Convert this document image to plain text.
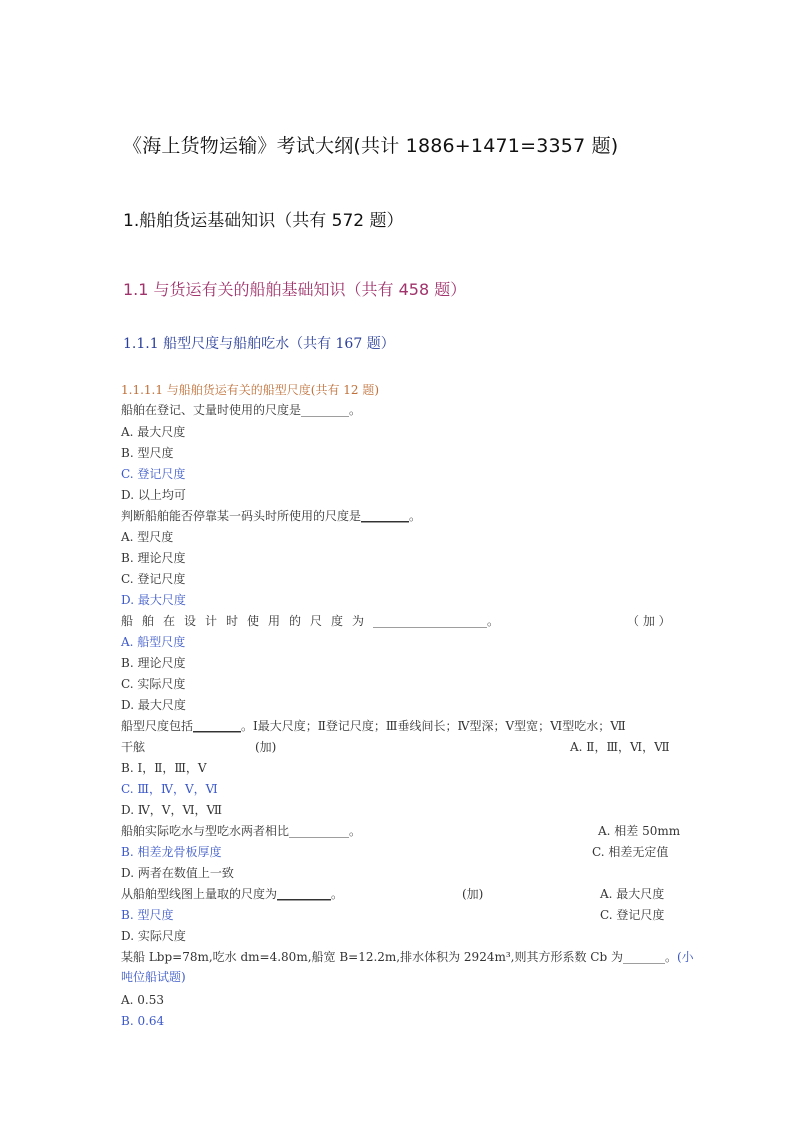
《海上货物运输》考试大纲(共计 1886+1471=3357 题)
1.船舶货运基础知识（共有 572 题）
1.1 与货运有关的船舶基础知识（共有 458 题）
1.1.1 船型尺度与船舶吃水（共有 167 题）
1.1.1.1 与船舶货运有关的船型尺度(共有 12 题)
船舶在登记、丈量时使用的尺度是________。
A. 最大尺度
B. 型尺度
C. 登记尺度
D. 以上均可
判断船舶能否停靠某一码头时所使用的尺度是________。
A. 型尺度
B. 理论尺度
C. 登记尺度
D. 最大尺度
船舶在设计时使用的尺度为___________________。	（ 加 ）
A. 船型尺度
B. 理论尺度
C. 实际尺度
D. 最大尺度
船型尺度包括________。Ⅰ最大尺度；Ⅱ登记尺度；Ⅲ垂线间长；Ⅳ型深；Ⅴ型宽；Ⅵ型吃水；Ⅶ
干舷	(加)	A. Ⅱ，Ⅲ，Ⅵ，Ⅶ
B. Ⅰ，Ⅱ，Ⅲ，Ⅴ
C. Ⅲ，Ⅳ，Ⅴ，Ⅵ
D. Ⅳ，Ⅴ，Ⅵ，Ⅶ
船舶实际吃水与型吃水两者相比__________。	A. 相差 50mm
B. 相差龙骨板厚度	C. 相差无定值
D. 两者在数值上一致
从船舶型线图上量取的尺度为_________。	(加)	A. 最大尺度
B. 型尺度	C. 登记尺度
D. 实际尺度
某船 Lbp=78m,吃水 dm=4.80m,船宽 B=12.2m,排水体积为 2924m³,则其方形系数 Cb 为_______。(小
吨位船试题)
A. 0.53
B. 0.64
